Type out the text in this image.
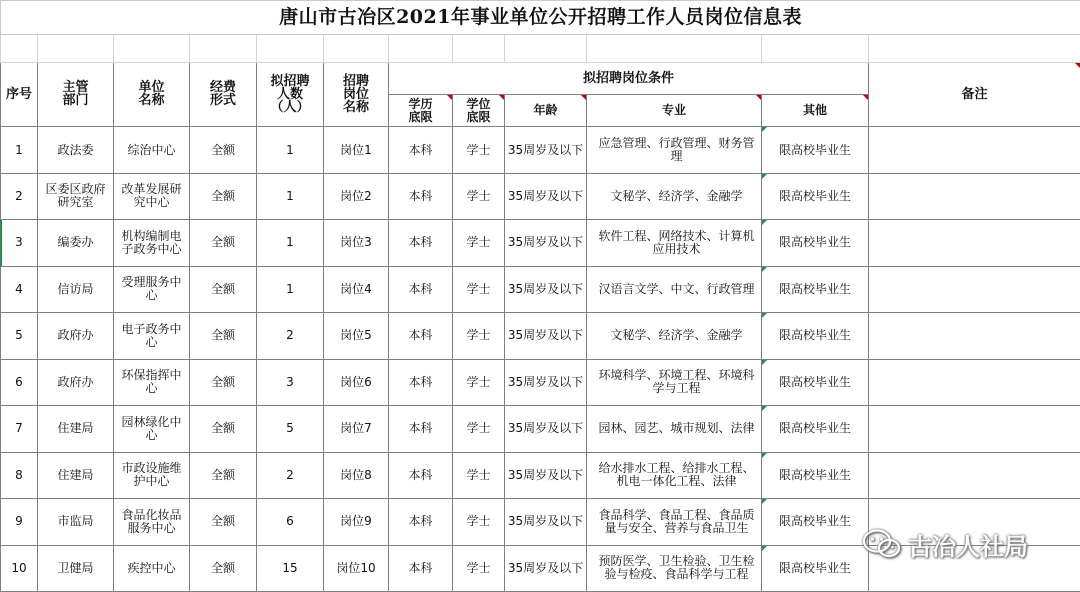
唐山市古冶区2021年事业单位公开招聘工作人员岗位信息表											

序号	主管部门	单位名称	经费形式	拟招聘人数（人）	招聘岗位名称	拟招聘岗位条件					备注

学历底限	学位底限	年龄	专业	其他	
1	政法委	综治中心	全额	1	岗位1	本科	学士	35周岁及以下	应急管理、行政管理、财务管理	限高校毕业生

2	区委区政府研究室	改革发展研究中心	全额	1	岗位2	本科	学士	35周岁及以下	文秘学、经济学、金融学	限高校毕业生

3	编委办	机构编制电子政务中心	全额	1	岗位3	本科	学士	35周岁及以下	软件工程、网络技术、计算机应用技术	限高校毕业生

4	信访局	受理服务中心	全额	1	岗位4	本科	学士	35周岁及以下	汉语言文学、中文、行政管理	限高校毕业生

5	政府办	电子政务中心	全额	2	岗位5	本科	学士	35周岁及以下	文秘学、经济学、金融学	限高校毕业生

6	政府办	环保指挥中心	全额	3	岗位6	本科	学士	35周岁及以下	环境科学、环境工程、环境科学与工程	限高校毕业生

7	住建局	园林绿化中心	全额	5	岗位7	本科	学士	35周岁及以下	园林、园艺、城市规划、法律	限高校毕业生

8	住建局	市政设施维护中心	全额	2	岗位8	本科	学士	35周岁及以下	给水排水工程、给排水工程、机电一体化工程、法律	限高校毕业生

9	市监局	食品化妆品服务中心	全额	6	岗位9	本科	学士	35周岁及以下	食品科学、食品工程、食品质量与安全、营养与食品卫生	限高校毕业生

10	卫健局	疾控中心	全额	15	岗位10	本科	学士	35周岁及以下	预防医学、卫生检验、卫生检验与检疫、食品科学与工程	限高校毕业生

古冶人社局
